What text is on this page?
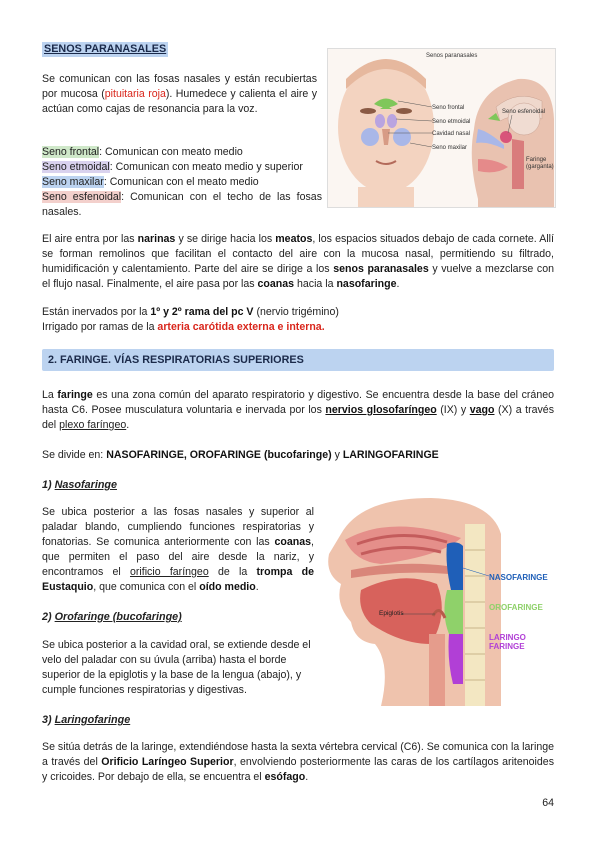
SENOS PARANASALES
Se comunican con las fosas nasales y están recubiertas por mucosa (pituitaria roja). Humedece y calienta el aire y actúan como cajas de resonancia para la voz.
Seno frontal: Comunican con meato medio
Seno etmoidal: Comunican con meato medio y superior
Seno maxilar: Comunican con el meato medio
Seno esfenoidal: Comunican con el techo de las fosas nasales.
Senos paranasales
Seno frontal
Seno etmoidal
Cavidad nasal
Seno maxilar
Seno esfenoidal
Faringe (garganta)
El aire entra por las narinas y se dirige hacia los meatos, los espacios situados debajo de cada cornete. Allí se forman remolinos que facilitan el contacto del aire con la mucosa nasal, permitiendo su filtrado, humidificación y calentamiento. Parte del aire se dirige a los senos paranasales y vuelve a mezclarse con el flujo nasal. Finalmente, el aire pasa por las coanas hacia la nasofaringe.
Están inervados por la 1º y 2º rama del pc V (nervio trigémino)
Irrigado por ramas de la arteria carótida externa e interna.
2. FARINGE. VÍAS RESPIRATORIAS SUPERIORES
La faringe es una zona común del aparato respiratorio y digestivo. Se encuentra desde la base del cráneo hasta C6. Posee musculatura voluntaria e inervada por los nervios glosofaríngeo (IX) y vago (X) a través del plexo faríngeo.
Se divide en: NASOFARINGE, OROFARINGE (bucofaringe) y LARINGOFARINGE
1) Nasofaringe
Se ubica posterior a las fosas nasales y superior al paladar blando, cumpliendo funciones respiratorias y fonatorias. Se comunica anteriormente con las coanas, que permiten el paso del aire desde la nariz, y encontramos el orificio faríngeo de la trompa de Eustaquio, que comunica con el oído medio.
2) Orofaringe (bucofaringe)
Se ubica posterior a la cavidad oral, se extiende desde el velo del paladar con su úvula (arriba) hasta el borde superior de la epiglotis y la base de la lengua (abajo), y cumple funciones respiratorias y digestivas.
Epiglotis
NASOFARINGE
OROFARINGE
LARINGO
FARINGE
3) Laringofaringe
Se sitúa detrás de la laringe, extendiéndose hasta la sexta vértebra cervical (C6). Se comunica con la laringe a través del Orificio Laríngeo Superior, envolviendo posteriormente las caras de los cartílagos aritenoides y cricoides. Por debajo de ella, se encuentra el esófago.
64
